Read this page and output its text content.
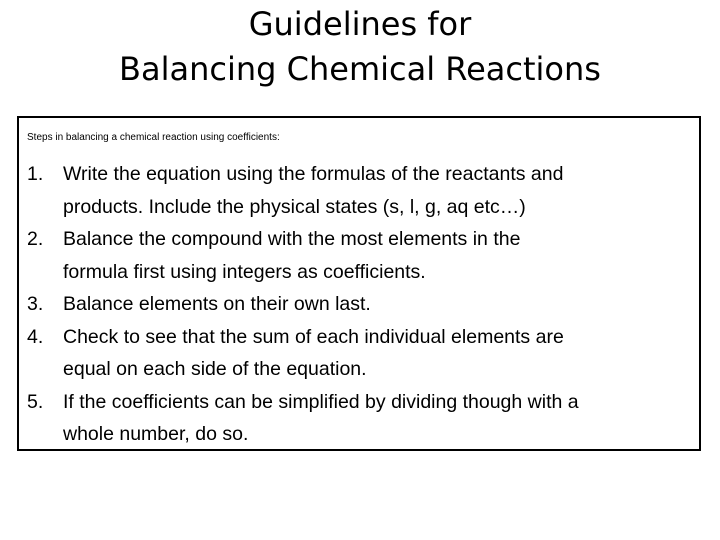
Guidelines for
Balancing Chemical Reactions
Steps in balancing a chemical reaction using coefficients:
1. Write the equation using the formulas of the reactants and
products. Include the physical states (s, l, g, aq etc…)
2. Balance the compound with the most elements in the
formula first using integers as coefficients.
3. Balance elements on their own last.
4. Check to see that the sum of each individual elements are
equal on each side of the equation.
5. If the coefficients can be simplified by dividing though with a
whole number, do so.
